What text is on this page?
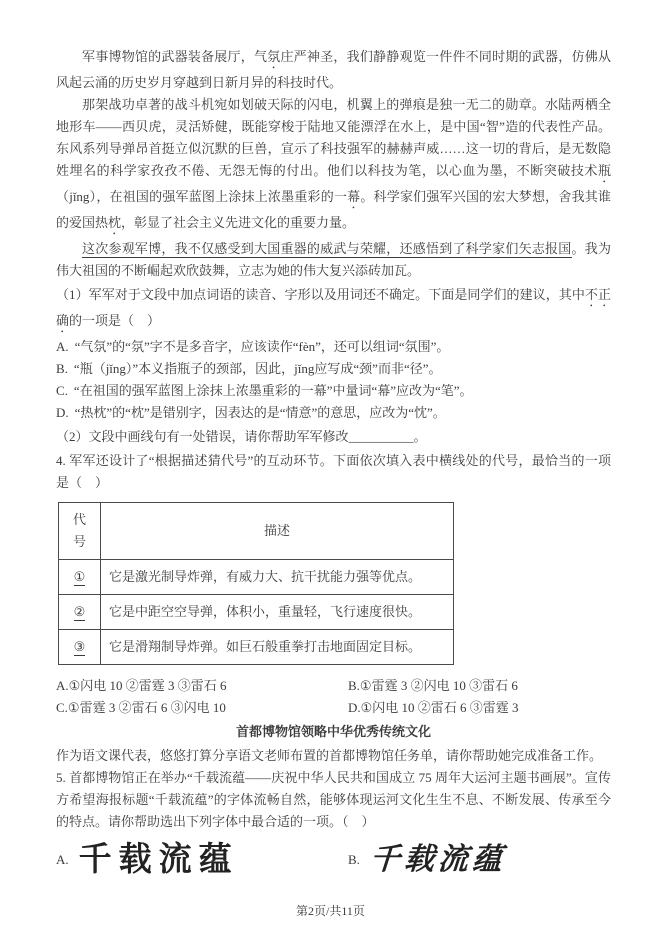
军事博物馆的武器装备展厅，气氛庄严神圣，我们静静观览一件件不同时期的武器，仿佛从风起云涌的历史岁月穿越到日新月异的科技时代。

那架战功卓著的战斗机宛如划破天际的闪电，机翼上的弹痕是独一无二的勋章。水陆两栖全地形车——西贝虎，灵活矫健，既能穿梭于陆地又能漂浮在水上，是中国“智”造的代表性产品。东风系列导弹昂首挺立似沉默的巨兽，宣示了科技强军的赫赫声威……这一切的背后，是无数隐姓埋名的科学家孜孜不倦、无怨无悔的付出。他们以科技为笔，以心血为墨，不断突破技术瓶（jǐng），在祖国的强军蓝图上涂抹上浓墨重彩的一幕。科学家们强军兴国的宏大梦想，舍我其谁的爱国热枕，彰显了社会主义先进文化的重要力量。

这次参观军博，我不仅感受到大国重器的威武与荣耀，还感悟到了科学家们矢志报国。我为伟大祖国的不断崛起欢欣鼓舞，立志为她的伟大复兴添砖加瓦。

（1）军军对于文段中加点词语的读音、字形以及用词还不确定。下面是同学们的建议，其中不正确的一项是（　）

A. “气氛”的“氛”字不是多音字，应该读作“fèn”，还可以组词“氛围”。
B. “瓶（jǐng）”本义指瓶子的颈部，因此，jǐng应写成“颈”而非“径”。
C. “在祖国的强军蓝图上涂抹上浓墨重彩的一幕”中量词“幕”应改为“笔”。
D. “热枕”的“枕”是错别字，因表达的是“情意”的意思，应改为“忱”。

（2）文段中画线句有一处错误，请你帮助军军修改__________。

4. 军军还设计了“根据描述猜代号”的互动环节。下面依次填入表中横线处的代号，最恰当的一项是（　）

代号	描述
①	它是激光制导炸弹，有威力大、抗干扰能力强等优点。
②	它是中距空空导弹，体积小，重量轻，飞行速度很快。
③	它是滑翔制导炸弹。如巨石般重拳打击地面固定目标。
A.①闪电 10 ②雷霆 3 ③雷石 6	B.①雷霆 3 ②闪电 10 ③雷石 6
C.①雷霆 3 ②雷石 6 ③闪电 10	D.①闪电 10 ②雷石 6 ③雷霆 3

首都博物馆领略中华优秀传统文化

作为语文课代表，悠悠打算分享语文老师布置的首都博物馆任务单，请你帮助她完成准备工作。

5. 首都博物馆正在举办“千载流蕴——庆祝中华人民共和国成立 75 周年大运河主题书画展”。宣传方希望海报标题“千载流蕴”的字体流畅自然，能够体现运河文化生生不息、不断发展、传承至今的特点。请你帮助选出下列字体中最合适的一项。（　）

A. 千载流蕴	B. 千载流蕴
第2页/共11页
